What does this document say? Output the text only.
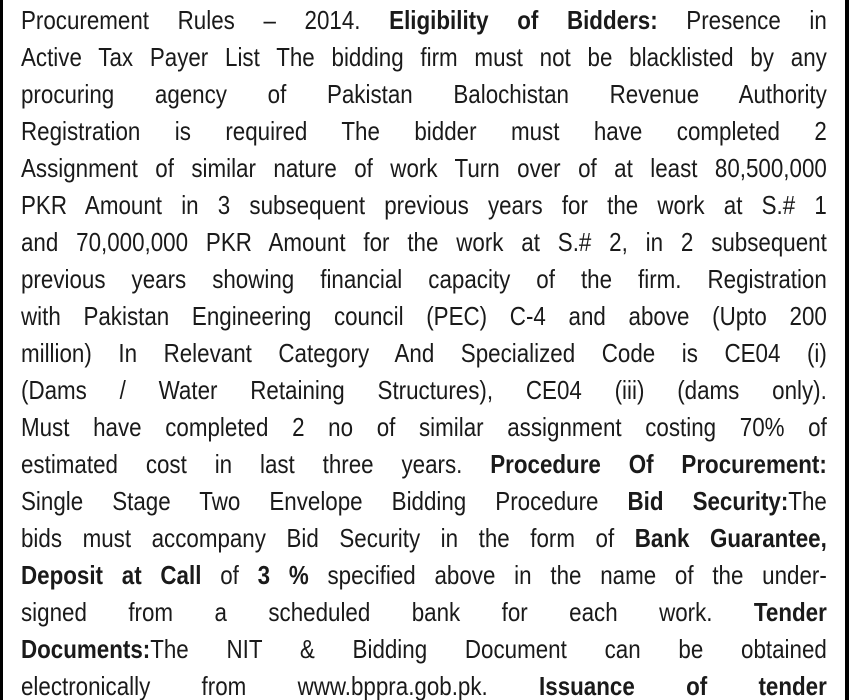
Procurement Rules – 2014. Eligibility of Bidders: Presence in
Active Tax Payer List The bidding firm must not be blacklisted by any
procuring agency of Pakistan Balochistan Revenue Authority
Registration is required The bidder must have completed 2
Assignment of similar nature of work Turn over of at least 80,500,000
PKR Amount in 3 subsequent previous years for the work at S.# 1
and 70,000,000 PKR Amount for the work at S.# 2, in 2 subsequent
previous years showing financial capacity of the firm. Registration
with Pakistan Engineering council (PEC) C-4 and above (Upto 200
million) In Relevant Category And Specialized Code is CE04 (i)
(Dams / Water Retaining Structures), CE04 (iii) (dams only).
Must have completed 2 no of similar assignment costing 70% of
estimated cost in last three years. Procedure Of Procurement:
Single Stage Two Envelope Bidding Procedure Bid Security:The
bids must accompany Bid Security in the form of Bank Guarantee,
Deposit at Call of 3 % specified above in the name of the under-
signed from a scheduled bank for each work. Tender
Documents:The NIT & Bidding Document can be obtained
electronically from www.bppra.gob.pk. Issuance of tender
